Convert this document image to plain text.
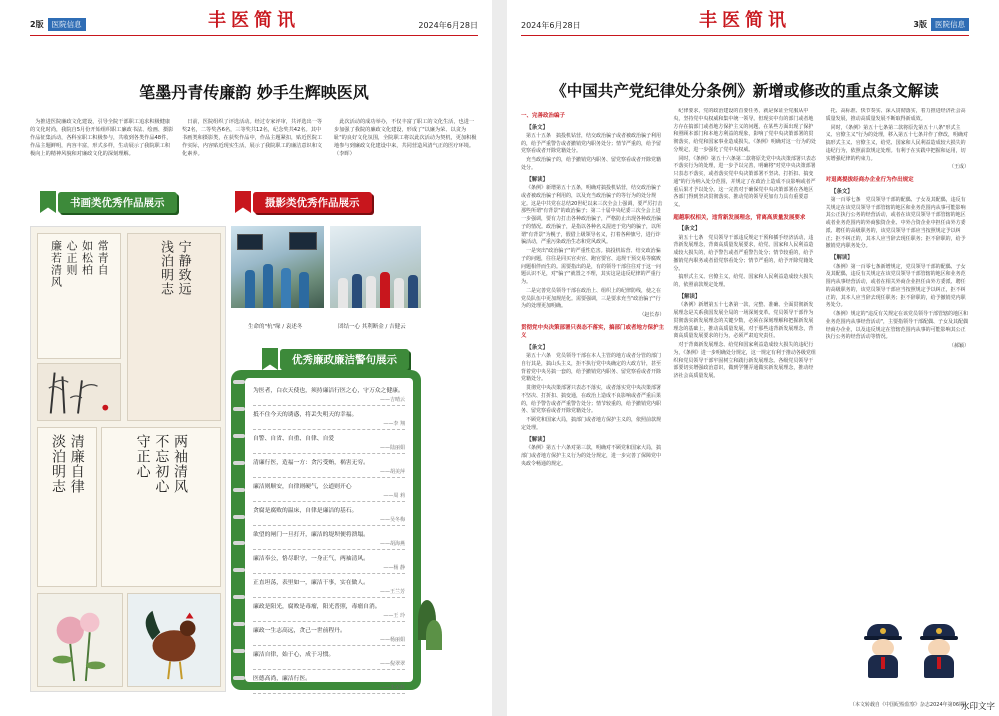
丰医简讯
2版	医院信息	2024年6月28日
笔墨丹青传廉韵 妙手生辉映医风
为推进医院廉政文化建设，引导全院干部职工追求积极健康的文化时尚，我院自5月份开始组织职工廉政书法、绘画、摄影作品征集活动，各科室职工积极参与，共收到各类作品48件，作品主题鲜明，内容丰富，形式多样，生动展示了我院职工积极向上的精神风貌和对廉政文化的深刻理解。
日前，医院组织了评选活动。经过专家评审，共评选出一等奖2名，二等奖各6名，三等奖共12名，纪念奖共42名。其中书画类和摄影类，在获奖作品中，作品主题紧扣，贴近医院工作实际，内容贴近现实生活，展示了我院职工的廉洁意识和文化素养。
此次活动的成功举办，不仅丰富了职工的文化生活，也进一步加强了我院的廉政文化建设，形成了"以廉为荣、以贪为耻"的良好文化氛围，全院职工将以此次活动为契机，更加积极地参与到廉政文化建设中来，共同营造风清气正的医疗环境。（李晖）
书画类优秀作品展示
廉若清风 心正则 如松柏 常青自	浅泊明志 宁静致远
淡泊明志 清廉自律	守正心 不忘初心 两袖清风
摄影类优秀作品展示
生命的"杭"缘 / 袁述冬	团结一心 其利断金 / 吉健云
优秀廉政廉洁警句展示
为医者，白衣天使也，须持廉洁行医之心，守万众之健康。
——吉晴云
抵不住今天的诱惑，将丢失明天的幸福。
——李 翔
自警、自省、自重、自律、自爱
——陆丽娟
清廉行医，造福一方：贪污受贿，祸害无穷。
——胡美萍
廉洁则顺安，自律则硬气，公道则开心
——周 莉
贪腐是腐败的温床，自律是廉洁的基石。
——吴冬梅
欲望的闸门一旦打开，廉洁的堤坝便将溃塌。
——胡海燕
廉洁奉公，恪尽职守，一身正气，两袖清风。
——杨 静
正直坦荡，表里如一，廉洁干事，实在做人。
——王兰芳
廉政是阳光，腐败是毒瘤，阳光普照，毒瘤自消。
——王 玲
廉政一生志高远，贪己一世前程丹。
——杨丽娟
廉洁自律，始于心，成于习惯。
——倪翠翠
医德高尚，廉洁行医。
——朱荣辉
丰医简讯
2024年6月28日	3版	医院信息
《中国共产党纪律处分条例》新增或修改的重点条文解读

一、完善政治编子

【条文】

第五十五条　搞投机钻营，结交政治骗子或者被政治骗子利用的，给予严重警告或者撤销党内职务处分；情节严重的，给予留党察看或者开除党籍处分。

充当政治骗子的，给予撤销党内职务、留党察看或者开除党籍处分。

【解读】

《条例》新增第五十五条，明确对搞投机钻营，结交政治骗子或者被政治骗子利用的，以及充当政治骗子的等行为的处分规定。这是中共党在总结20世纪以来三次全会上强调，要严厉打击那些所谓"有背景"的政治骗子；第二十届中央纪委三次全会上进一步强调，要有力打击各种政治骗子，严格防止出现各种政治骗子的情况。政治骗子，是指以各种名义混迹于党内的骗子，以所谓"有背景"为幌子，假借上级领导名义，打着各种旗号，进行诈骗活动，严重污染政治生态和党风政风。

一是突出"政治骗子"的严重性危害。搞投机钻营、结交政治骗子的问题，往往是同买官卖官、跑官要官、违规干预交易等腐败问题相伴而生的。需要指出的是，有的领导干部往往对于这一问题认识不足，对"骗子"就置之不理，其实这是违反纪律的严重行为。

二是完善党员领导干部在政治上、组织上的纪律防线，使之在党员队伍中更加规范化。需要强调，三是要求充当"政治骗子"行为的处理更加明确。

（赵长春）

贯彻党中央决策部署只表态不落实，搞部门或者地方保护主义

【条文】

第五十六条　党员领导干部在本人主管的地方或者分管的部门自行其是，搞山头主义，拒不执行党中央确定的大政方针，甚至背着党中央另搞一套的，给予撤销党内职务、留党察看或者开除党籍处分。

贯彻党中央决策部署只表态不落实，或者落实党中央决策部署不坚决、打折扣、搞变通，在政治上造成不良影响或者严重后果的，给予警告或者严重警告处分；情节较重的，给予撤销党内职务、留党察看或者开除党籍处分。

不顾党和国家大局，搞部门或者地方保护主义的，依照前款规定处理。

【解读】

《条例》第五十六条对第三款，明确对不顾党和国家大局，搞部门或者地方保护主义行为的处分规定，进一步完善了保障党中央政令畅通的规定。

纪律要求，党的政治建设的首要任务，就是保证全党服从中央，坚持党中央权威和集中统一领导。但现实中有的部门或者地方存在搞部门或者地方保护主义的问题，在某些方面出现了保护和照顾本部门和本地方利益的现象，影响了党中央决策部署的贯彻落实，给党和国家事业造成损失。《条例》明确对这一行为的处分规定，进一步强化了党中央权威。

同时，《条例》第五十六条第二款将原先党中央决策部署只表态不落实行为的处理，进一步予以完善，明确将"对党中央决策部署只表态不落实，或者落实党中央决策部署不坚决、打折扣、搞变通"的行为纳入处分范围，并规定了在政治上造成不良影响或者严重后果才予以处分。这一完善对于确保党中央决策部署在各地区各部门得到坚决贯彻落实、推动党的领导更加有力具有重要意义。

超越职权相关，违背新发展理念，背离高质量发展要求

【条文】

第五十七条　党员领导干部违反规定干预和插手经济活动，违背新发展理念，背离高质量发展要求，给党、国家和人民利益造成较大损失的，给予警告或者严重警告处分；情节较重的，给予撤销党内职务或者留党察看处分；情节严重的，给予开除党籍处分。

搞形式主义、官僚主义，给党、国家和人民利益造成较大损失的，依照前款规定处理。

【解读】

《条例》新增第五十七条第一款，完整、准确、全面贯彻新发展理念是关系我国发展全局的一场深刻变革。党员领导干部作为贯彻落实新发展理念的关键少数，必须在深刻理解和把握新发展理念的基础上，推动高质量发展。对于那些违背新发展理念，背离高质量发展要求的行为，必须严肃追究责任。

对于背离新发展理念、给党和国家利益造成较大损失的违纪行为，《条例》进一步明确处分规定，这一规定有利于推动各级党组织和党员领导干部牢固树立和践行新发展理念。各级党员领导干部要切实增强政治意识，做到学懂弄通做实新发展理念，推动经济社会高质量发展。

托、高标准、快节奏实、深入贯彻落实，着力推进经济社会高质量发展，推动高质量发展不断取得新成效。

同时，《条例》第五十七条第二款将原先第五十八条"形式主义、官僚主义"行为的处理，移入第五十七条并作了修改，明确对搞形式主义、官僚主义，给党、国家和人民利益造成较大损失的违纪行为，依照前款规定处理。有利于在实践中把握和运用，切实增强纪律的约束力。

（王成）

对退离提拔经商办企业行为作出规定

【条文】

第一百零七条　党员领导干部的配偶、子女及其配偶，违反有关规定在该党员领导干部管辖的地区和业务范围内从事可能影响其公正执行公务的经营活动，或者在该党员领导干部管辖的地区或者业务范围内的外商独资企业、中外合资企业中担任由外方委派、聘任的高级职务的，该党员领导干部应当按照规定予以纠正；拒不纠正的，其本人应当辞去现任职务；拒不辞职的，给予撤销党内职务处分。

【解读】

《条例》第一百零七条新增规定，党员领导干部的配偶、子女及其配偶，违反有关规定在该党员领导干部管辖的地区和业务范围内从事经营活动，或者在相关外商企业担任由外方委派、聘任的高级职务的，该党员领导干部应当按照规定予以纠正，拒不纠正的，其本人应当辞去现任职务；拒不辞职的，给予撤销党内职务处分。

《条例》规定的"违反有关规定在该党员领导干部管辖的地区和业务范围内从事经营活动"，主要指领导干部配偶、子女及其配偶经商办企业，以及违反规定在管辖范围内从事的可能影响其公正执行公务的经营活动等情况。

（郝颖）

（本文转载自《中国纪检监察》杂志2024年第06期）
水印文字
